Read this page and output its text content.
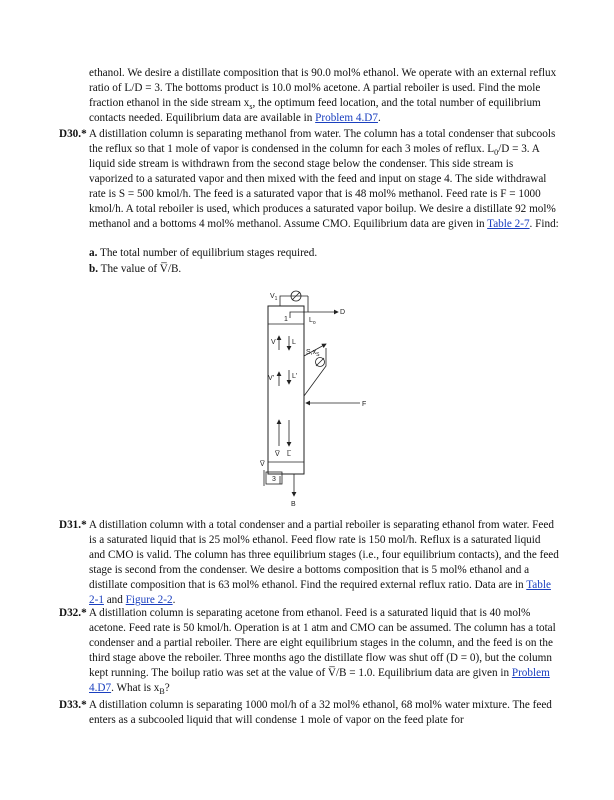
ethanol. We desire a distillate composition that is 90.0 mol% ethanol. We operate with an external reflux ratio of L/D = 3. The bottoms product is 10.0 mol% acetone. A partial reboiler is used. Find the mole fraction ethanol in the side stream $x_s$, the optimum feed location, and the total number of equilibrium contacts needed. Equilibrium data are available in Problem 4.D7.
D30.* A distillation column is separating methanol from water. The column has a total condenser that subcools the reflux so that 1 mole of vapor is condensed in the column for each 3 moles of reflux. $L_0/D = 3$. A liquid side stream is withdrawn from the second stage below the condenser. This side stream is vaporized to a saturated vapor and then mixed with the feed and input on stage 4. The side withdrawal rate is S = 500 kmol/h. The feed is a saturated vapor that is 48 mol% methanol. Feed rate is F = 1000 kmol/h. A total reboiler is used, which produces a saturated vapor boilup. We desire a distillate 92 mol% methanol and a bottoms 4 mol% methanol. Assume CMO. Equilibrium data are given in Table 2-7. Find:
a. The total number of equilibrium stages required.
b. The value of V̅/B.
$V_1$
D
$L_o$
1
V L
$S,x_S$
V'	L'
F
V̅ L̅
V̅
3
B
D31.* A distillation column with a total condenser and a partial reboiler is separating ethanol from water. Feed is a saturated liquid that is 25 mol% ethanol. Feed flow rate is 150 mol/h. Reflux is a saturated liquid and CMO is valid. The column has three equilibrium stages (i.e., four equilibrium contacts), and the feed stage is second from the condenser. We desire a bottoms composition that is 5 mol% ethanol and a distillate composition that is 63 mol% ethanol. Find the required external reflux ratio. Data are in Table 2-1 and Figure 2-2.
D32.* A distillation column is separating acetone from ethanol. Feed is a saturated liquid that is 40 mol% acetone. Feed rate is 50 kmol/h. Operation is at 1 atm and CMO can be assumed. The column has a total condenser and a partial reboiler. There are eight equilibrium stages in the column, and the feed is on the third stage above the reboiler. Three months ago the distillate flow was shut off (D = 0), but the column kept running. The boilup ratio was set at the value of V̅/B = 1.0. Equilibrium data are given in Problem 4.D7. What is $x_B$?
D33.* A distillation column is separating 1000 mol/h of a 32 mol% ethanol, 68 mol% water mixture. The feed enters as a subcooled liquid that will condense 1 mole of vapor on the feed plate for
